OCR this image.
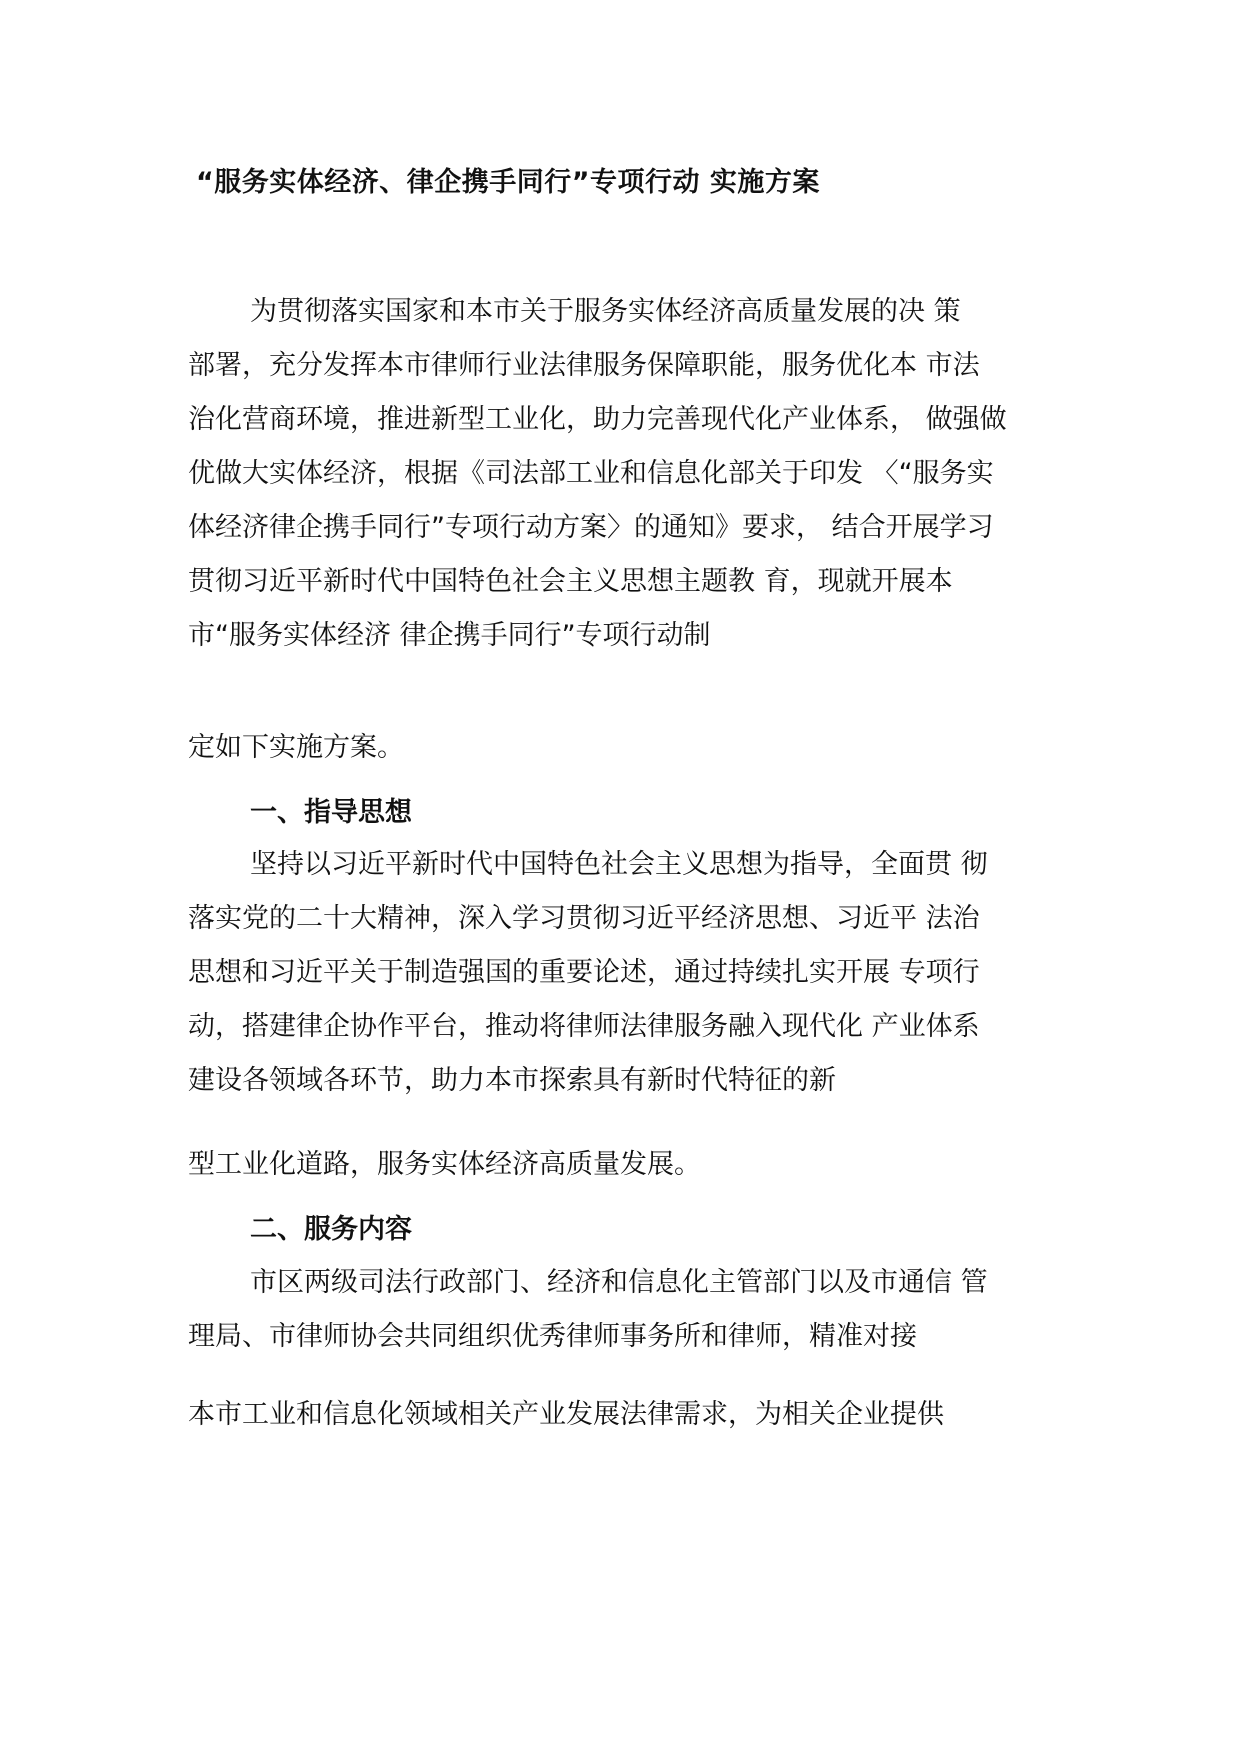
“服务实体经济、律企携手同行”专项行动 实施方案
为贯彻落实国家和本市关于服务实体经济高质量发展的决 策
部署，充分发挥本市律师行业法律服务保障职能，服务优化本 市法
治化营商环境，推进新型工业化，助力完善现代化产业体系， 做强做
优做大实体经济，根据《司法部工业和信息化部关于印发 〈“服务实
体经济律企携手同行”专项行动方案〉的通知》要求， 结合开展学习
贯彻习近平新时代中国特色社会主义思想主题教 育，现就开展本
市“服务实体经济 律企携手同行”专项行动制
定如下实施方案。
一、指导思想
坚持以习近平新时代中国特色社会主义思想为指导，全面贯 彻
落实党的二十大精神，深入学习贯彻习近平经济思想、习近平 法治
思想和习近平关于制造强国的重要论述，通过持续扎实开展 专项行
动，搭建律企协作平台，推动将律师法律服务融入现代化 产业体系
建设各领域各环节，助力本市探索具有新时代特征的新
型工业化道路，服务实体经济高质量发展。
二、服务内容
市区两级司法行政部门、经济和信息化主管部门以及市通信 管
理局、市律师协会共同组织优秀律师事务所和律师，精准对接
本市工业和信息化领域相关产业发展法律需求，为相关企业提供
